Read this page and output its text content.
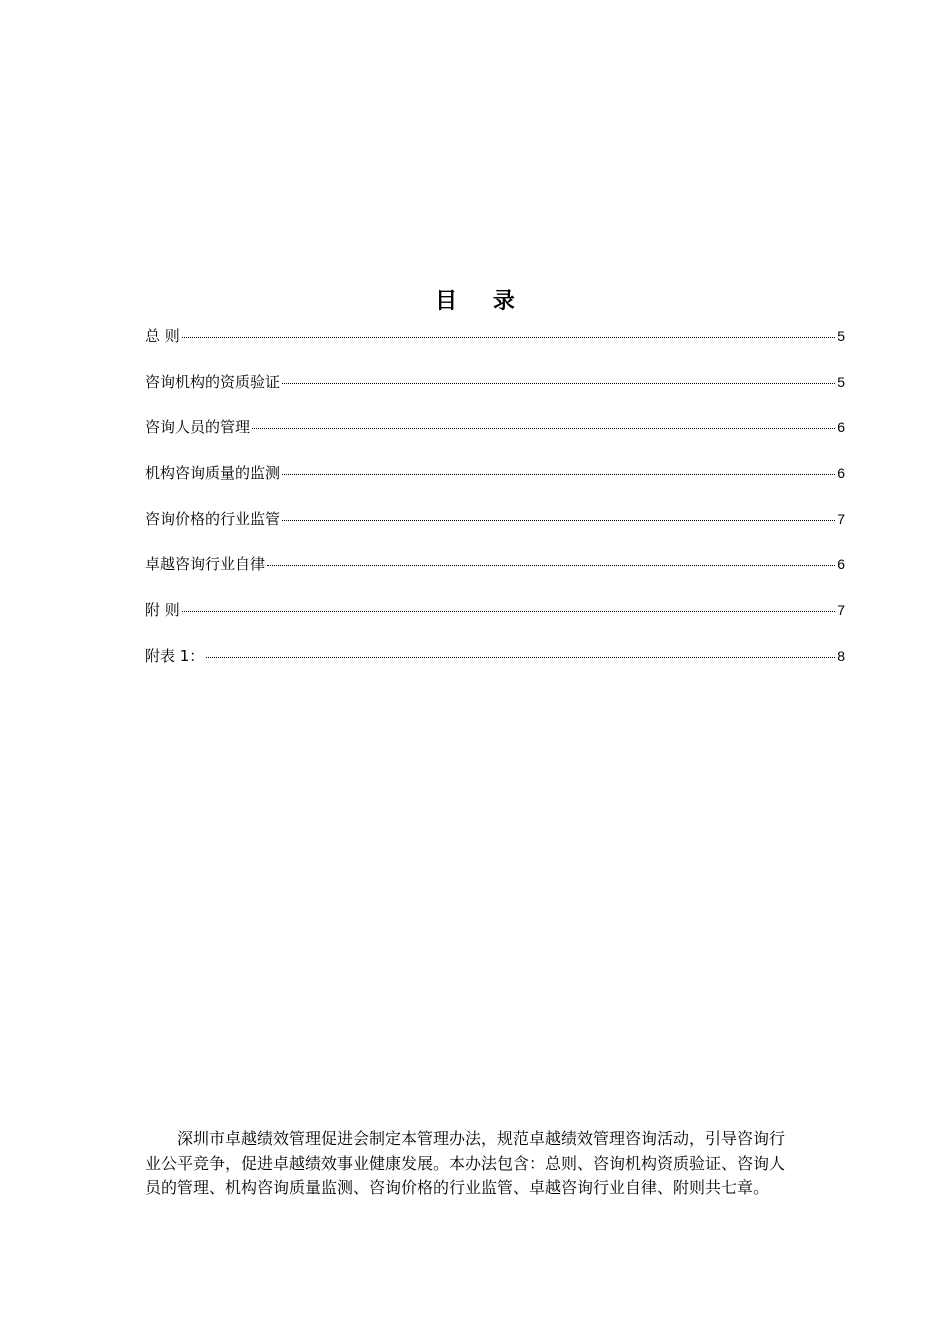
目 录
总 则	5
咨询机构的资质验证	5
咨询人员的管理	6
机构咨询质量的监测	6
咨询价格的行业监管	7
卓越咨询行业自律	6
附 则	7
附表 1：	8

深圳市卓越绩效管理促进会制定本管理办法，规范卓越绩效管理咨询活动，引导咨询行业公平竞争，促进卓越绩效事业健康发展。本办法包含：总则、咨询机构资质验证、咨询人员的管理、机构咨询质量监测、咨询价格的行业监管、卓越咨询行业自律、附则共七章。
